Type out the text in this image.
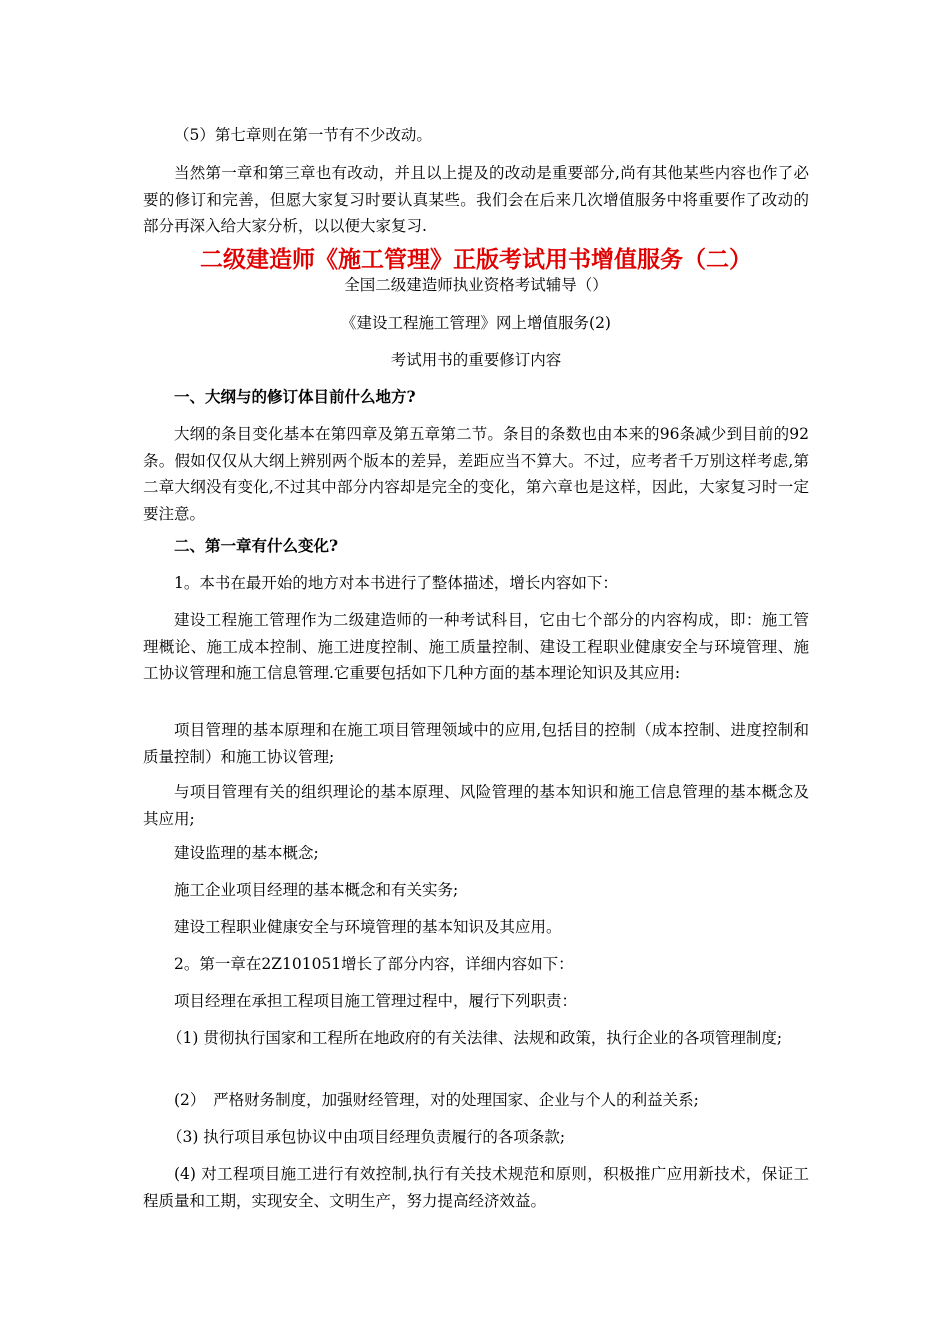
（5）第七章则在第一节有不少改动。

当然第一章和第三章也有改动，并且以上提及的改动是重要部分,尚有其他某些内容也作了必要的修订和完善，但愿大家复习时要认真某些。我们会在后来几次增值服务中将重要作了改动的部分再深入给大家分析，以以便大家复习.

二级建造师《施工管理》正版考试用书增值服务（二）

全国二级建造师执业资格考试辅导（）

《建设工程施工管理》网上增值服务(2)

考试用书的重要修订内容

一、大纲与的修订体目前什么地方?

大纲的条目变化基本在第四章及第五章第二节。条目的条数也由本来的96条减少到目前的92条。假如仅仅从大纲上辨别两个版本的差异，差距应当不算大。不过，应考者千万别这样考虑,第二章大纲没有变化,不过其中部分内容却是完全的变化，第六章也是这样，因此，大家复习时一定要注意。

二、第一章有什么变化?

1。本书在最开始的地方对本书进行了整体描述，增长内容如下：

建设工程施工管理作为二级建造师的一种考试科目，它由七个部分的内容构成，即：施工管理概论、施工成本控制、施工进度控制、施工质量控制、建设工程职业健康安全与环境管理、施工协议管理和施工信息管理.它重要包括如下几种方面的基本理论知识及其应用:

项目管理的基本原理和在施工项目管理领域中的应用,包括目的控制（成本控制、进度控制和质量控制）和施工协议管理;

与项目管理有关的组织理论的基本原理、风险管理的基本知识和施工信息管理的基本概念及其应用;

建设监理的基本概念;

施工企业项目经理的基本概念和有关实务;

建设工程职业健康安全与环境管理的基本知识及其应用。

2。第一章在2Z101051增长了部分内容，详细内容如下：

项目经理在承担工程项目施工管理过程中，履行下列职责：

（1) 贯彻执行国家和工程所在地政府的有关法律、法规和政策，执行企业的各项管理制度;

(2）　严格财务制度，加强财经管理，对的处理国家、企业与个人的利益关系;

（3) 执行项目承包协议中由项目经理负责履行的各项条款;

(4) 对工程项目施工进行有效控制,执行有关技术规范和原则，积极推广应用新技术，保证工程质量和工期，实现安全、文明生产，努力提高经济效益。
